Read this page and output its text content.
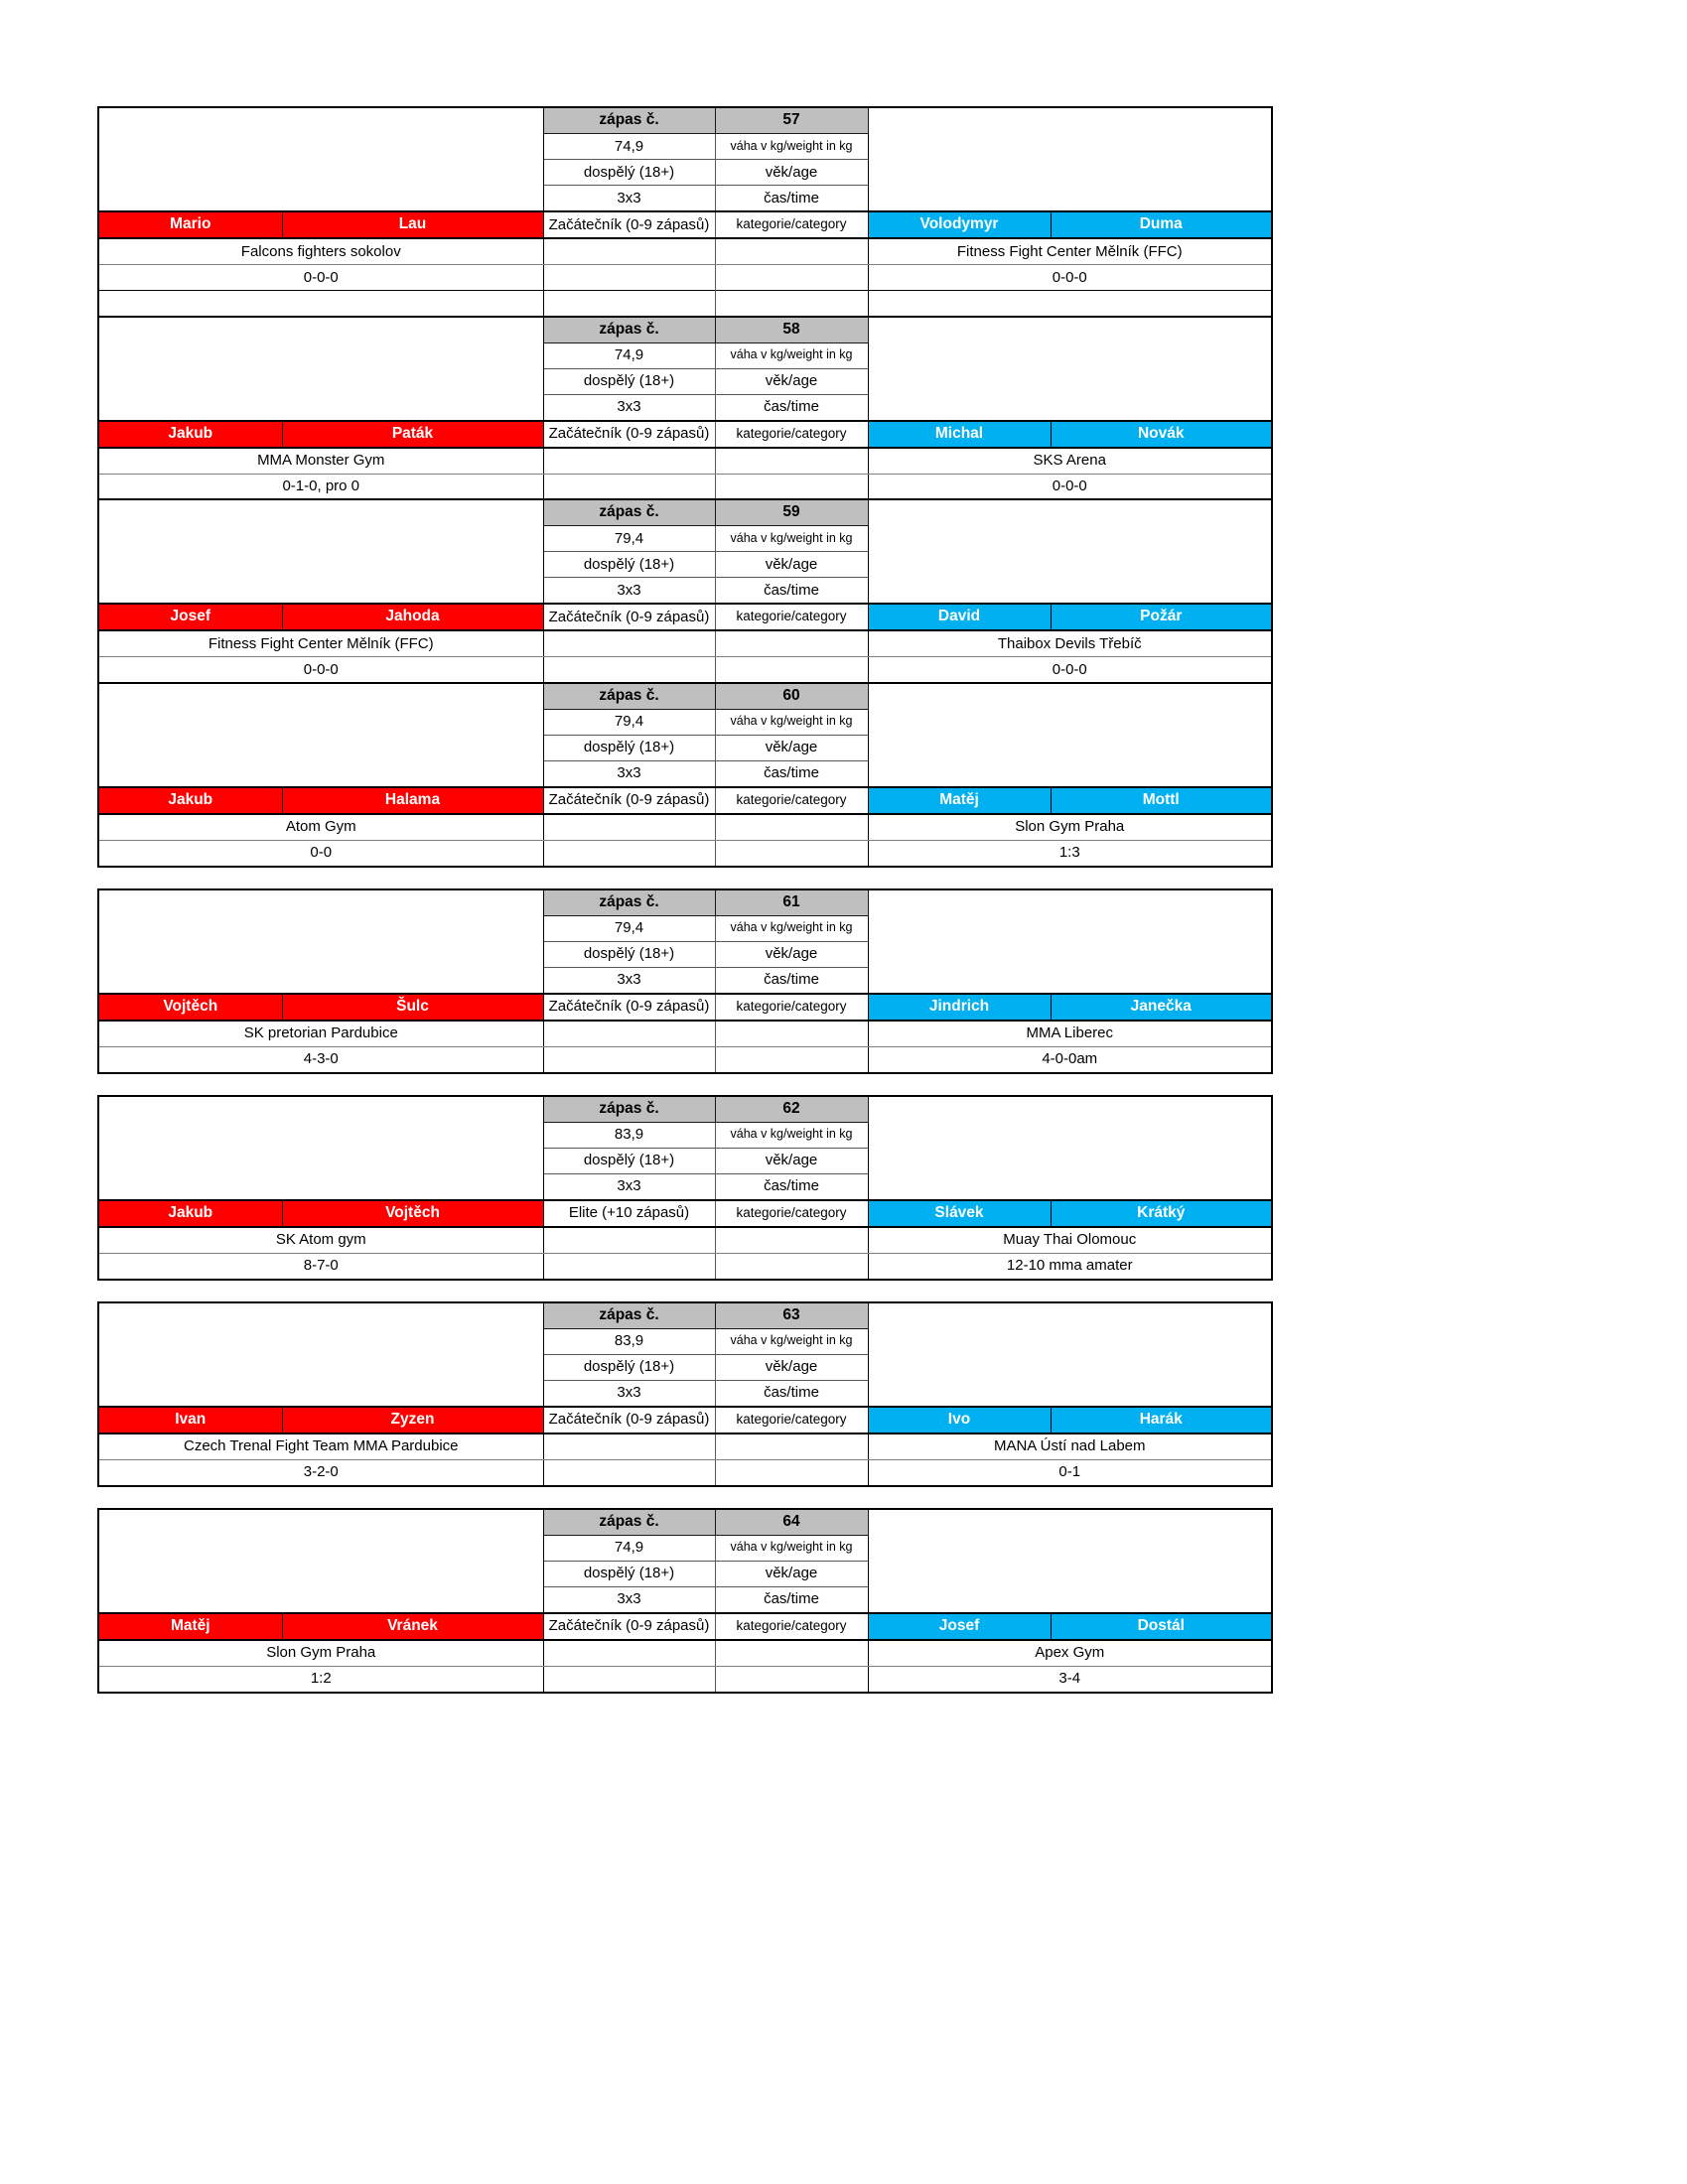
		zápas č.	57		
		74,9	váha v kg/weight in kg		
		dospělý (18+)	věk/age		
		3x3	čas/time		
Mario	Lau	Začátečník (0-9 zápasů)	kategorie/category	Volodymyr	Duma
Falcons fighters sokolov				Fitness Fight Center Mělník (FFC)	
0-0-0				0-0-0	

		zápas č.	58		
		74,9	váha v kg/weight in kg		
		dospělý (18+)	věk/age		
		3x3	čas/time		
Jakub	Paták	Začátečník (0-9 zápasů)	kategorie/category	Michal	Novák
MMA Monster Gym				SKS Arena	
0-1-0, pro 0				0-0-0	
		zápas č.	59		
		79,4	váha v kg/weight in kg		
		dospělý (18+)	věk/age		
		3x3	čas/time		
Josef	Jahoda	Začátečník (0-9 zápasů)	kategorie/category	David	Požár
Fitness Fight Center Mělník (FFC)				Thaibox Devils Třebíč	
0-0-0				0-0-0	
		zápas č.	60		
		79,4	váha v kg/weight in kg		
		dospělý (18+)	věk/age		
		3x3	čas/time		
Jakub	Halama	Začátečník (0-9 zápasů)	kategorie/category	Matěj	Mottl
Atom Gym				Slon Gym Praha	
0-0				1:3	
		zápas č.	61		
		79,4	váha v kg/weight in kg		
		dospělý (18+)	věk/age		
		3x3	čas/time		
Vojtěch	Šulc	Začátečník (0-9 zápasů)	kategorie/category	Jindrich	Janečka
SK pretorian Pardubice				MMA Liberec	
4-3-0				4-0-0am	
		zápas č.	62		
		83,9	váha v kg/weight in kg		
		dospělý (18+)	věk/age		
		3x3	čas/time		
Jakub	Vojtěch	Elite (+10 zápasů)	kategorie/category	Slávek	Krátký
SK Atom gym				Muay Thai Olomouc	
8-7-0				12-10 mma amater	
		zápas č.	63		
		83,9	váha v kg/weight in kg		
		dospělý (18+)	věk/age		
		3x3	čas/time		
Ivan	Zyzen	Začátečník (0-9 zápasů)	kategorie/category	Ivo	Harák
Czech Trenal Fight Team MMA Pardubice				MANA Ústí nad Labem	
3-2-0				0-1	
		zápas č.	64		
		74,9	váha v kg/weight in kg		
		dospělý (18+)	věk/age		
		3x3	čas/time		
Matěj	Vránek	Začátečník (0-9 zápasů)	kategorie/category	Josef	Dostál
Slon Gym Praha				Apex Gym	
1:2				3-4	
